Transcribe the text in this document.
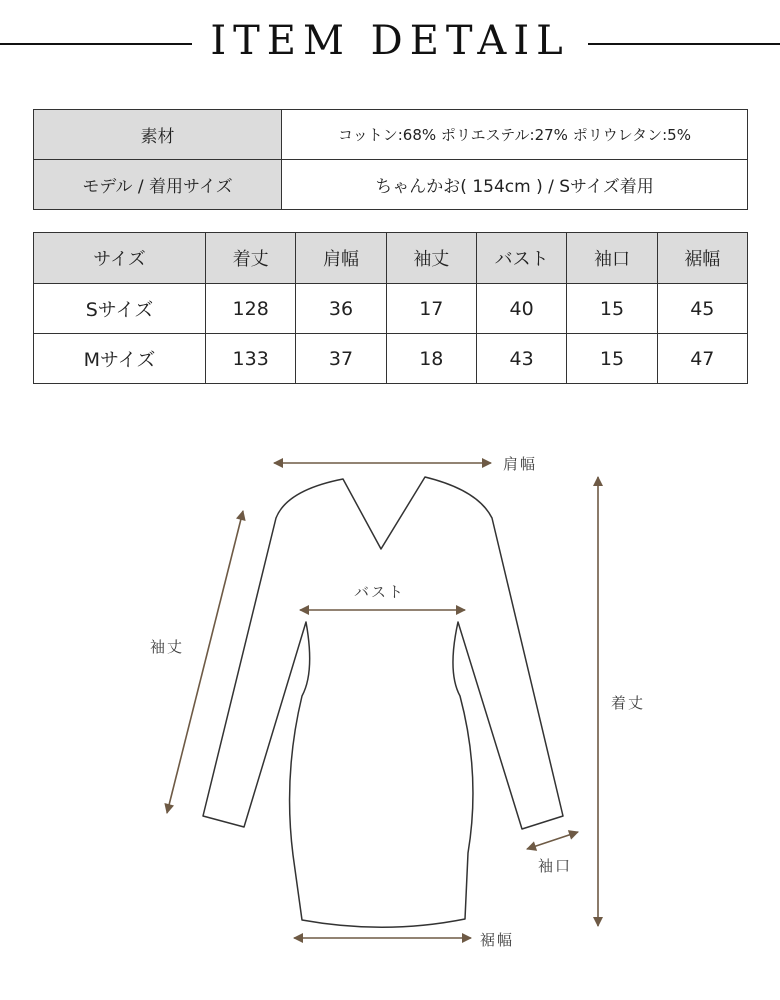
ITEM DETAIL
素材	コットン:68% ポリエステル:27% ポリウレタン:5%
モデル / 着用サイズ	ちゃんかお( 154cm ) / Sサイズ着用
サイズ	着丈	肩幅	袖丈	バスト	袖口	裾幅
Sサイズ	128	36	17	40	15	45
Mサイズ	133	37	18	43	15	47
肩幅
バスト
袖丈
着丈
袖口
裾幅
